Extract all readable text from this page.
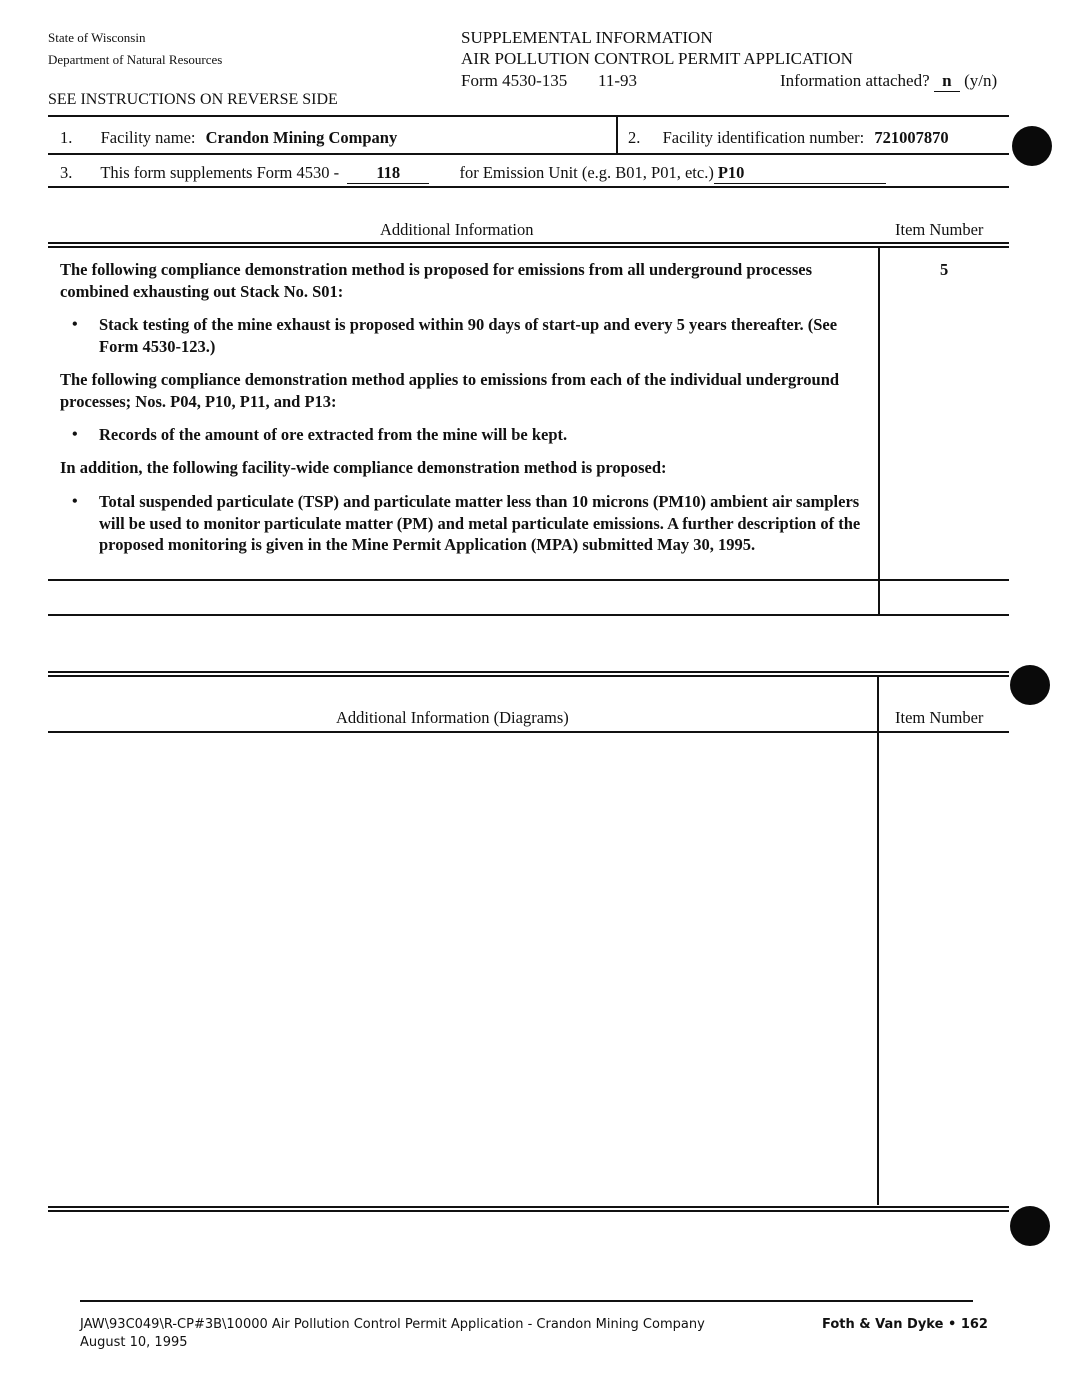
State of Wisconsin
Department of Natural Resources
SEE INSTRUCTIONS ON REVERSE SIDE
SUPPLEMENTAL INFORMATION
AIR POLLUTION CONTROL PERMIT APPLICATION
Form 4530-135 11-93	Information attached? n (y/n)
1. Facility name: Crandon Mining Company	2. Facility identification number: 721007870
3. This form supplements Form 4530 - 118	for Emission Unit (e.g. B01, P01, etc.) P10
Additional Information	Item Number
The following compliance demonstration method is proposed for emissions from all underground processes combined exhausting out Stack No. S01:
5
•	Stack testing of the mine exhaust is proposed within 90 days of start-up and every 5 years thereafter. (See Form 4530-123.)
The following compliance demonstration method applies to emissions from each of the individual underground processes; Nos. P04, P10, P11, and P13:
•	Records of the amount of ore extracted from the mine will be kept.
In addition, the following facility-wide compliance demonstration method is proposed:
•	Total suspended particulate (TSP) and particulate matter less than 10 microns (PM10) ambient air samplers will be used to monitor particulate matter (PM) and metal particulate emissions. A further description of the proposed monitoring is given in the Mine Permit Application (MPA) submitted May 30, 1995.
Additional Information (Diagrams)	Item Number
JAW\93C049\R-CP#3B\10000 Air Pollution Control Permit Application - Crandon Mining Company
August 10, 1995
Foth & Van Dyke • 162
